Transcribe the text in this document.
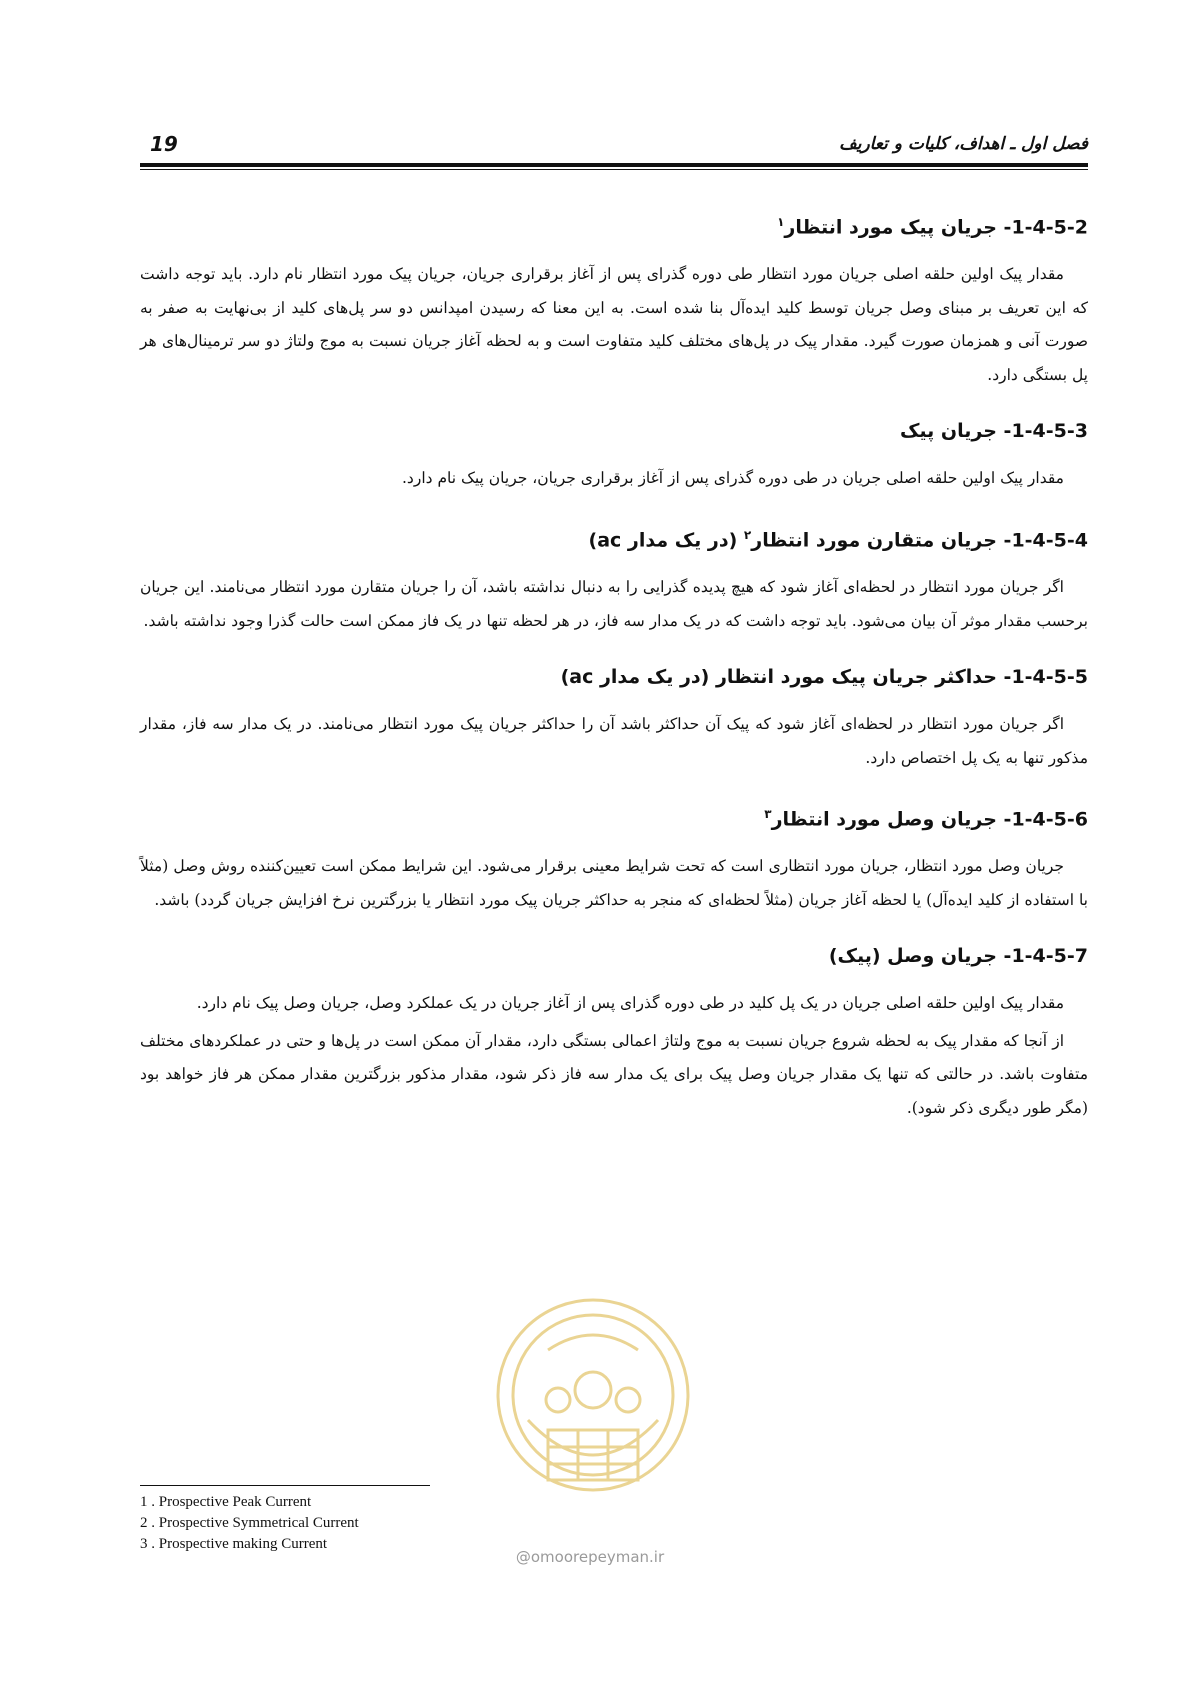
19	فصل اول ـ اهداف، کلیات و تعاریف
1-4-5-2- جریان پیک مورد انتظار$^۱$

مقدار پیک اولین حلقه اصلی جریان مورد انتظار طی دوره گذرای پس از آغاز برقراری جریان، جریان پیک مورد انتظار نام دارد. باید توجه داشت که این تعریف بر مبنای وصل جریان توسط کلید ایده‌آل بنا شده است. به این معنا که رسیدن امپدانس دو سر پل‌های کلید از بی‌نهایت به صفر به صورت آنی و همزمان صورت گیرد. مقدار پیک در پل‌های مختلف کلید متفاوت است و به لحظه آغاز جریان نسبت به موج ولتاژ دو سر ترمینال‌های هر پل بستگی دارد.

1-4-5-3- جریان پیک

مقدار پیک اولین حلقه اصلی جریان در طی دوره گذرای پس از آغاز برقراری جریان، جریان پیک نام دارد.

1-4-5-4- جریان متقارن مورد انتظار$^۲$ (در یک مدار ac)

اگر جریان مورد انتظار در لحظه‌ای آغاز شود که هیچ پدیده گذرایی را به دنبال نداشته باشد، آن را جریان متقارن مورد انتظار می‌نامند. این جریان برحسب مقدار موثر آن بیان می‌شود. باید توجه داشت که در یک مدار سه فاز، در هر لحظه تنها در یک فاز ممکن است حالت گذرا وجود نداشته باشد.

1-4-5-5- حداکثر جریان پیک مورد انتظار (در یک مدار ac)

اگر جریان مورد انتظار در لحظه‌ای آغاز شود که پیک آن حداکثر باشد آن را حداکثر جریان پیک مورد انتظار می‌نامند. در یک مدار سه فاز، مقدار مذکور تنها به یک پل اختصاص دارد.

1-4-5-6- جریان وصل مورد انتظار$^۳$

جریان وصل مورد انتظار، جریان مورد انتظاری است که تحت شرایط معینی برقرار می‌شود. این شرایط ممکن است تعیین‌کننده روش وصل (مثلاً با استفاده از کلید ایده‌آل) یا لحظه آغاز جریان (مثلاً لحظه‌ای که منجر به حداکثر جریان پیک مورد انتظار یا بزرگترین نرخ افزایش جریان گردد) باشد.

1-4-5-7- جریان وصل (پیک)

مقدار پیک اولین حلقه اصلی جریان در یک پل کلید در طی دوره گذرای پس از آغاز جریان در یک عملکرد وصل، جریان وصل پیک نام دارد.

از آنجا که مقدار پیک به لحظه شروع جریان نسبت به موج ولتاژ اعمالی بستگی دارد، مقدار آن ممکن است در پل‌ها و حتی در عملکردهای مختلف متفاوت باشد. در حالتی که تنها یک مقدار جریان وصل پیک برای یک مدار سه فاز ذکر شود، مقدار مذکور بزرگترین مقدار ممکن هر فاز خواهد بود (مگر طور دیگری ذکر شود).

@omoorepeyman.ir

1 . Prospective Peak Current

2 . Prospective Symmetrical Current

3 . Prospective making Current
